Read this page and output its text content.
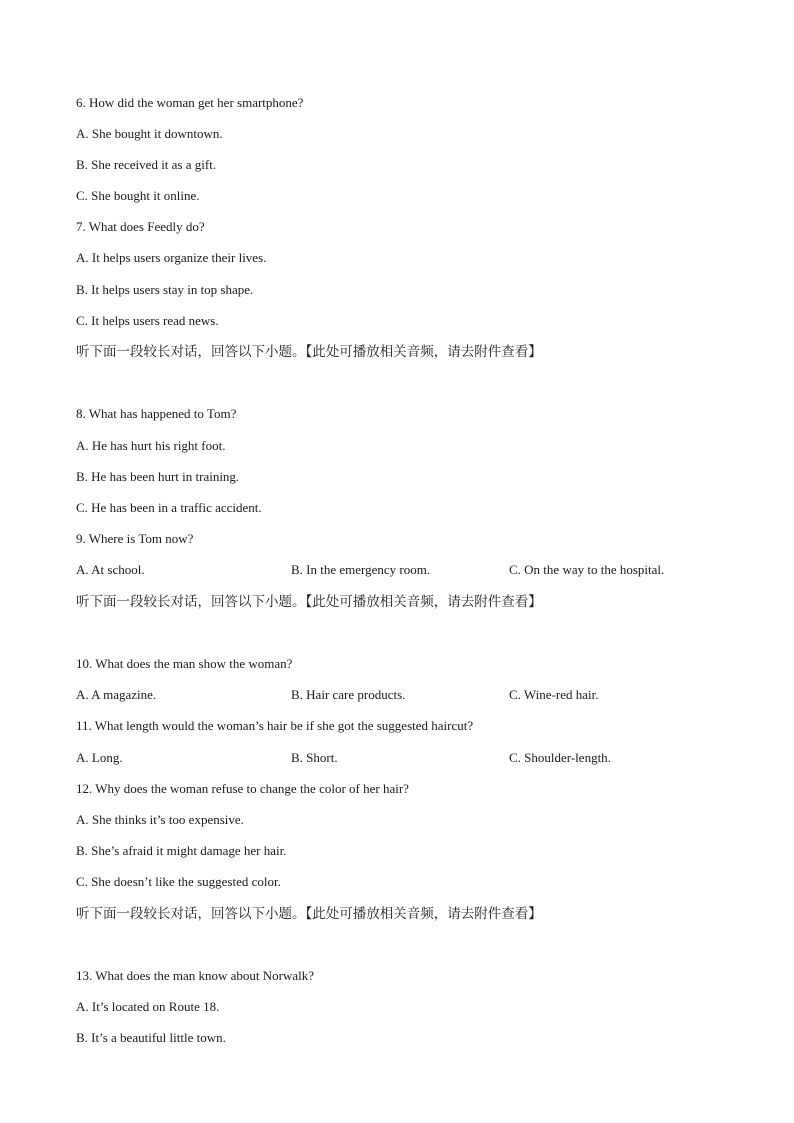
6. How did the woman get her smartphone?
A. She bought it downtown.
B. She received it as a gift.
C. She bought it online.
7. What does Feedly do?
A. It helps users organize their lives.
B. It helps users stay in top shape.
C. It helps users read news.
听下面一段较长对话，回答以下小题。【此处可播放相关音频，请去附件查看】
8. What has happened to Tom?
A. He has hurt his right foot.
B. He has been hurt in training.
C. He has been in a traffic accident.
9. Where is Tom now?
A. At school.	B. In the emergency room.	C. On the way to the hospital.
听下面一段较长对话，回答以下小题。【此处可播放相关音频，请去附件查看】
10. What does the man show the woman?
A. A magazine.	B. Hair care products.	C. Wine-red hair.
11. What length would the woman’s hair be if she got the suggested haircut?
A. Long.	B. Short.	C. Shoulder-length.
12. Why does the woman refuse to change the color of her hair?
A. She thinks it’s too expensive.
B. She’s afraid it might damage her hair.
C. She doesn’t like the suggested color.
听下面一段较长对话，回答以下小题。【此处可播放相关音频，请去附件查看】
13. What does the man know about Norwalk?
A. It’s located on Route 18.
B. It’s a beautiful little town.
